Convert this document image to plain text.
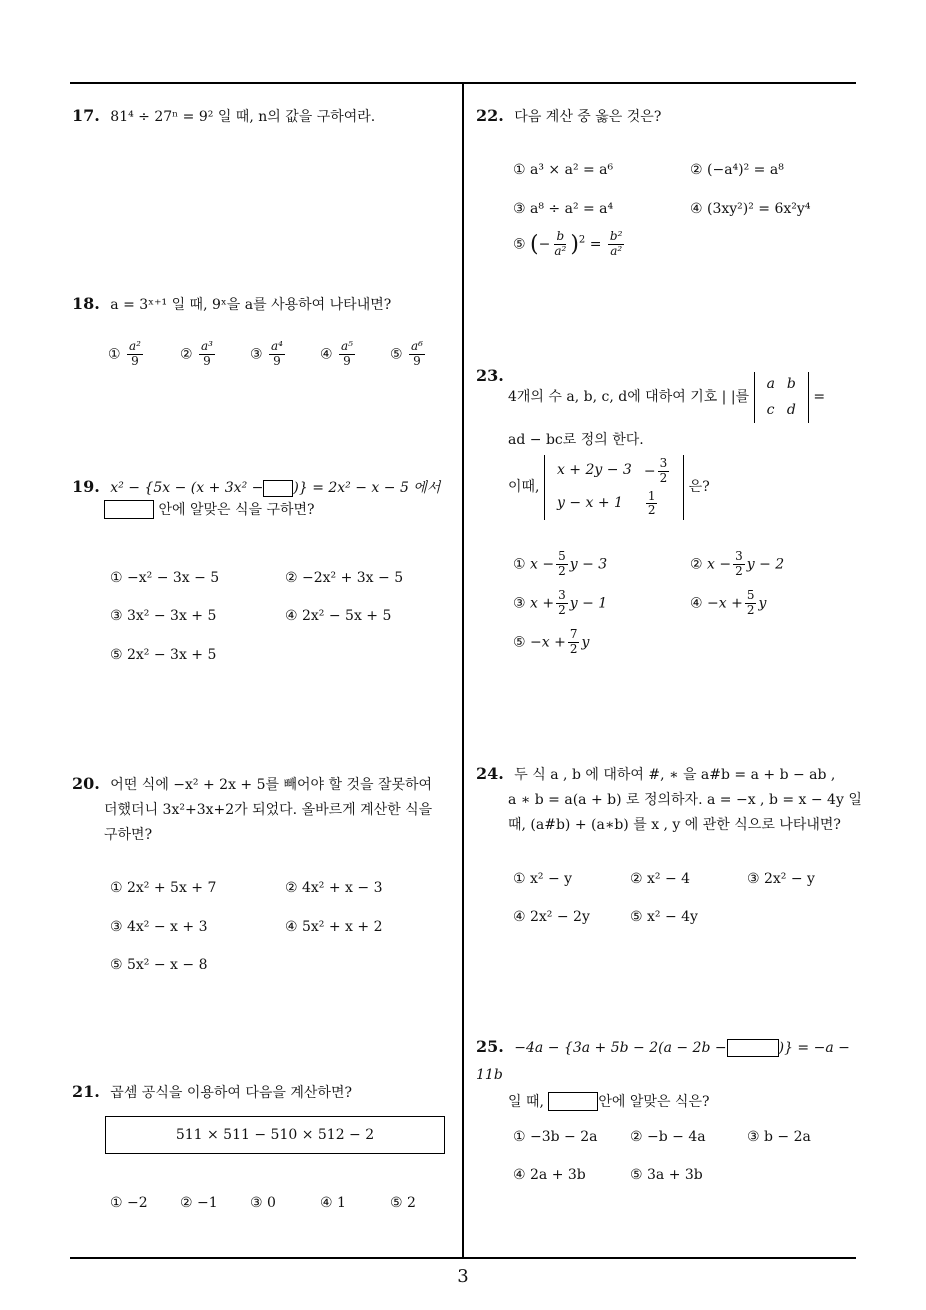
17. 81⁴ ÷ 27ⁿ = 9² 일 때, n의 값을 구하여라.
18. a = 3ˣ⁺¹ 일 때, 9ˣ을 a를 사용하여 나타내면?
① $\frac{\text{a²}}{9}$	② $\frac{\text{a³}}{9}$	③ $\frac{\text{a⁴}}{9}$	④ $\frac{\text{a⁵}}{9}$	⑤ $\frac{\text{a⁶}}{9}$
19. x² − {5x − (x + 3x² − )} = 2x² − x − 5 에서
안에 알맞은 식을 구하면?
① −x² − 3x − 5	② −2x² + 3x − 5
③ 3x² − 3x + 5	④ 2x² − 5x + 5
⑤ 2x² − 3x + 5
20. 어떤 식에 −x² + 2x + 5를 빼어야 할 것을 잘못하여
더했더니 3x²+3x+2가 되었다. 올바르게 계산한 식을
구하면?
① 2x² + 5x + 7	② 4x² + x − 3
③ 4x² − x + 3	④ 5x² + x + 2
⑤ 5x² − x − 8
21. 곱셈 공식을 이용하여 다음을 계산하면?
511 × 511 − 510 × 512 − 2
① −2 ② −1 ③ 0	④ 1	⑤ 2
22. 다음 계산 중 옳은 것은?
① a³ × a² = a⁶	② (−a⁴)² = a⁸
③ a⁸ ÷ a² = a⁴	④ (3xy²)² = 6x²y⁴
⑤ (− $\frac{b}{\text{a²}} )^2 = \frac{\text{b²}}{\text{a²}}$
23.
4개의 수 a, b, c, d에 대하여 기호 | |를
a	b
c	d
=
ad − bc로 정의 한다.
이때,
x + 2y − 3	− $\frac{3}{2}$

y − x + 1	$\frac{1}{2}$
은?
① $x - \frac{5}{2}$ y − 3	② $x - \frac{3}{2}$ y − 2
③ $x + \frac{3}{2}$ y − 1	④ $-x + \frac{5}{2}$ y
⑤ $-x + \frac{7}{2}$ y
24. 두 식 a , b 에 대하여 #, ∗ 을 a#b = a + b − ab ,
a ∗ b = a(a + b) 로 정의하자. a = −x , b = x − 4y 일
때, (a#b) + (a∗b) 를 x , y 에 관한 식으로 나타내면?
① x² − y	② x² − 4	③ 2x² − y
④ 2x² − 2y	⑤ x² − 4y
25. −4a − {3a + 5b − 2(a − 2b −	)} = −a − 11b
일 때,	안에 알맞은 식은?
① −3b − 2a ② −b − 4a	③ b − 2a
④ 2a + 3b	⑤ 3a + 3b
3
